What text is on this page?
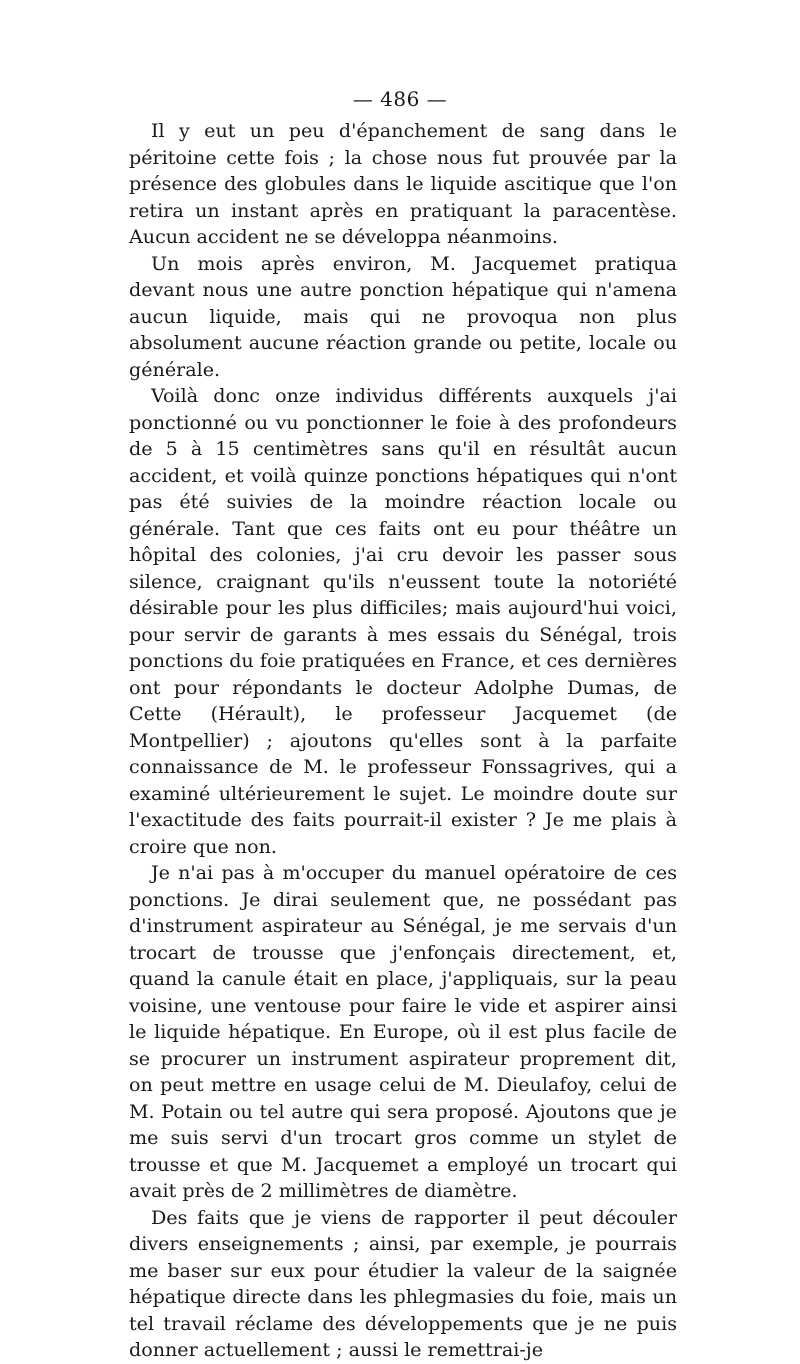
— 486 —

Il y eut un peu d'épanchement de sang dans le péritoine cette fois ; la chose nous fut prouvée par la présence des globules dans le liquide ascitique que l'on retira un instant après en pratiquant la paracentèse. Aucun accident ne se développa néanmoins.

Un mois après environ, M. Jacquemet pratiqua devant nous une autre ponction hépatique qui n'amena aucun liquide, mais qui ne provoqua non plus absolument aucune réaction grande ou petite, locale ou générale.

Voilà donc onze individus différents auxquels j'ai ponctionné ou vu ponctionner le foie à des profondeurs de 5 à 15 centimètres sans qu'il en résultât aucun accident, et voilà quinze ponctions hépatiques qui n'ont pas été suivies de la moindre réaction locale ou générale. Tant que ces faits ont eu pour théâtre un hôpital des colonies, j'ai cru devoir les passer sous silence, craignant qu'ils n'eussent toute la notoriété désirable pour les plus difficiles; mais aujourd'hui voici, pour servir de garants à mes essais du Sénégal, trois ponctions du foie pratiquées en France, et ces dernières ont pour répondants le docteur Adolphe Dumas, de Cette (Hérault), le professeur Jacquemet (de Montpellier) ; ajoutons qu'elles sont à la parfaite connaissance de M. le professeur Fonssagrives, qui a examiné ultérieurement le sujet. Le moindre doute sur l'exactitude des faits pourrait-il exister ? Je me plais à croire que non.

Je n'ai pas à m'occuper du manuel opératoire de ces ponctions. Je dirai seulement que, ne possédant pas d'instrument aspirateur au Sénégal, je me servais d'un trocart de trousse que j'enfonçais directement, et, quand la canule était en place, j'appliquais, sur la peau voisine, une ventouse pour faire le vide et aspirer ainsi le liquide hépatique. En Europe, où il est plus facile de se procurer un instrument aspirateur proprement dit, on peut mettre en usage celui de M. Dieulafoy, celui de M. Potain ou tel autre qui sera proposé. Ajoutons que je me suis servi d'un trocart gros comme un stylet de trousse et que M. Jacquemet a employé un trocart qui avait près de 2 millimètres de diamètre.

Des faits que je viens de rapporter il peut découler divers enseignements ; ainsi, par exemple, je pourrais me baser sur eux pour étudier la valeur de la saignée hépatique directe dans les phlegmasies du foie, mais un tel travail réclame des développements que je ne puis donner actuellement ; aussi le remettrai-je
